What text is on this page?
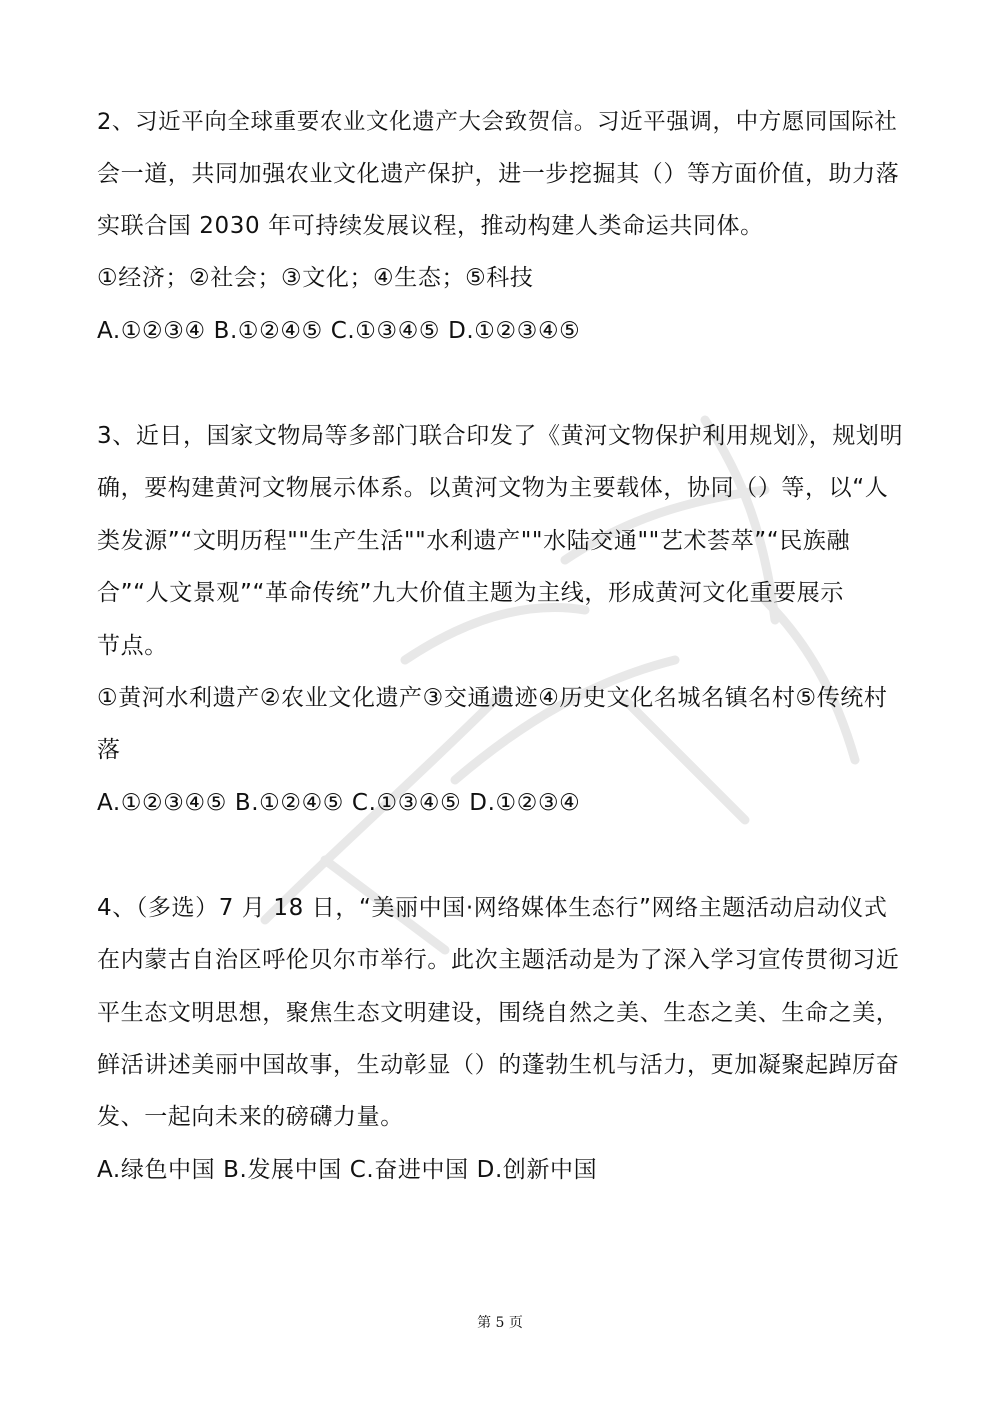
2、习近平向全球重要农业文化遗产大会致贺信。习近平强调，中方愿同国际社

会一道，共同加强农业文化遗产保护，进一步挖掘其（）等方面价值，助力落

实联合国 2030 年可持续发展议程，推动构建人类命运共同体。

①经济；②社会；③文化；④生态；⑤科技

A.①②③④ B.①②④⑤ C.①③④⑤ D.①②③④⑤

3、近日，国家文物局等多部门联合印发了《黄河文物保护利用规划》，规划明

确，要构建黄河文物展示体系。以黄河文物为主要载体，协同（）等，以“人

类发源”“文明历程""生产生活""水利遗产""水陆交通""艺术荟萃”“民族融

合”“人文景观”“革命传统”九大价值主题为主线，形成黄河文化重要展示

节点。

①黄河水利遗产②农业文化遗产③交通遗迹④历史文化名城名镇名村⑤传统村

落

A.①②③④⑤ B.①②④⑤ C.①③④⑤ D.①②③④

4、（多选）7 月 18 日，“美丽中国·网络媒体生态行”网络主题活动启动仪式

在内蒙古自治区呼伦贝尔市举行。此次主题活动是为了深入学习宣传贯彻习近

平生态文明思想，聚焦生态文明建设，围绕自然之美、生态之美、生命之美，

鲜活讲述美丽中国故事，生动彰显（）的蓬勃生机与活力，更加凝聚起踔厉奋

发、一起向未来的磅礴力量。

A.绿色中国 B.发展中国 C.奋进中国 D.创新中国

第 5 页
